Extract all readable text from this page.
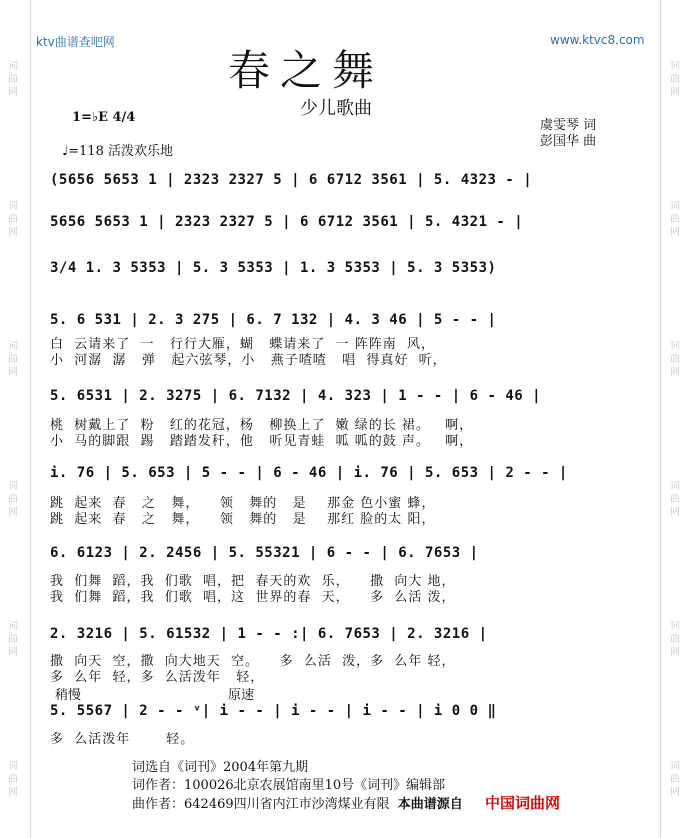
词曲网
词曲网
词曲网
词曲网
词曲网
词曲网
词曲网
词曲网
词曲网
词曲网
词曲网
词曲网
ktv曲谱查吧网	www.ktvc8.com
春之舞
少儿歌曲
1=♭E 4/4
♩=118 活泼欢乐地
虞雯琴 词
彭国华 曲
(5656 5653 1 | 2323 2327 5 | 6 6712 3561 | 5. 4323 - |
5656 5653 1 | 2323 2327 5 | 6 6712 3561 | 5. 4321 - |
3/4 1. 3 5353 | 5. 3 5353 | 1. 3 5353 | 5. 3 5353)
5. 6 531 | 2. 3 275 | 6. 7 132 | 4. 3 46 | 5 - - |
白  云请来了  一   行行大雁，蝴   蝶请来了  一 阵阵南  风，
小  河潺  潺   弹   起六弦琴，小   燕子喳喳   唱  得真好  听，
5. 6531 | 2. 3275 | 6. 7132 | 4. 323 | 1 - - | 6 - 46 |
桃  树戴上了  粉   红的花冠，杨   柳换上了  嫩 绿的长 裙。   啊，
小  马的脚跟  踢   踏踏发秆，他   听见青蛙  呱 呱的鼓 声。   啊，
i. 76 | 5. 653 | 5 - - | 6 - 46 | i. 76 | 5. 653 | 2 - - |
跳  起来  春   之   舞，    领   舞的   是    那金 色小蜜 蜂，
跳  起来  春   之   舞，    领   舞的   是    那红 脸的太 阳，
6. 6123 | 2. 2456 | 5. 55321 | 6 - - | 6. 7653 |
我  们舞  蹈，我  们歌  唱，把  春天的欢  乐，    撒  向大 地，
我  们舞  蹈，我  们歌  唱，这  世界的春  天，    多  么活 泼，
2. 3216 | 5. 61532 | 1 - - :| 6. 7653 | 2. 3216 |
撒  向天  空，撒  向大地天  空。    多  么活  泼，多  么年 轻，
多  么年  轻，多  么活泼年   轻，
稍慢	原速
5. 5567 | 2 - - ᵛ| i - - | i - - | i - - | i 0 0 ‖
多  么活泼年       轻。
词选自《词刊》2004年第九期
词作者：100026北京农展馆南里10号《词刊》编辑部
曲作者：642469四川省内江市沙湾煤业有限 本曲谱源自 中国词曲网
